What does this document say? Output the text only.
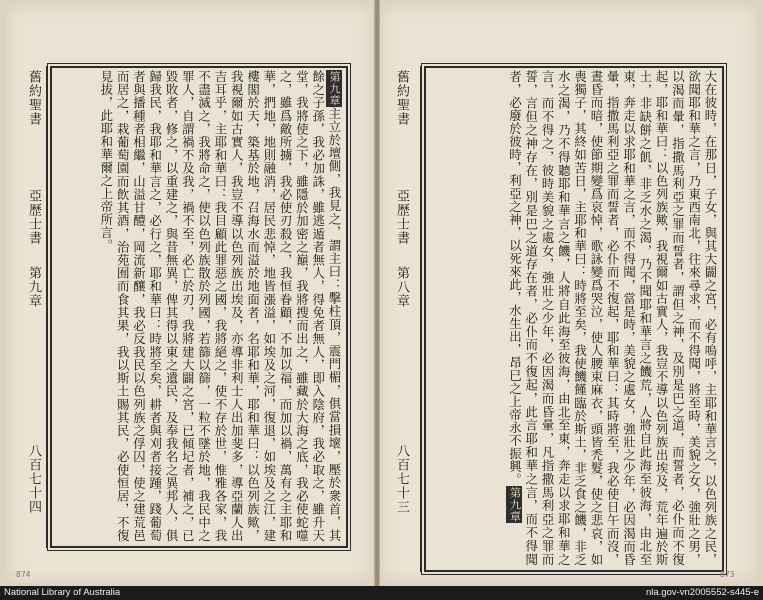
舊約聖書
亞歷士書
第九章
八百七十四
第九章主立於壇側，我見之，謂主曰：擊柱頂，震門楣，俱當損壞，壓於衆首，其餘之子孫，我必加誅，雖逃遁者無人，得免者無人，即入陰府，我必取之，雖升天堂，我將使之下，雖隱於加密之巔，我將搜而出之，雖藏於大海之底，我必使蛇噬之，雖爲敵所擄，我必使刃殺之，我恒眷顧，不加以福，而加以禍，萬有之主耶和華，捫地，地則融消，居民悲悼，地皆漲溢，如埃及之河，復退，如埃及之江，建樓閣於天，築基於地，召海水而溢於地面者，名耶和華，耶和華曰：以色列族歟，我視爾如古實人，我豈不導以色列族出埃及，亦導非利士人出加斐多，導亞蘭人出吉耳乎，主耶和華曰：我目顧此罪惡之國，我將絕之，使不存於世，惟雅各家，我不盡滅之，我將命之，使以色列族散於列國，若篩以篩，一粒不墜於地，我民中之罪人，自謂禍不及我，禍不至，必亡於刃，我將建大闢之宮，已傾圮者，補之，已毀敗者，修之，以重建之，與昔無異，俾其得以東之遺民，及奉我名之異邦人，俱歸我民，我耶和華言之，必行之，耶和華曰：時將至矣，耕者與刈者接踵，踐葡萄者與播種者相繼，山溢甘醴，岡流新釀，我必反我民以色列族之俘囚，使之建荒邑而居之，栽葡萄園而飲其酒，治苑囿而食其果，我以斯土賜其民，必使恒居，不復見拔，此耶和華爾之上帝所言。
874
舊約聖書
亞歷士書
第八章
八百七十三	大在彼時，在那日，子女，與其大闢之宮，必有嗚呼，主耶和華言之，以色列族之民，欲聞耶和華之言，乃東西南北，往來尋求，而不得聞，將至時，美貌之女，強壯之男，以渴而暈，指撒馬利亞之罪而誓者，謂但之神，及別是巴之道，而誓者，必仆而不復起，耶和華曰：以色列族歟，我視爾如古實人，我豈不導以色列族出埃及，荒年遍於斯土，非缺餅之飢，非乏水之渴，乃不聞耶和華言之饑荒，人將自此海至彼海，由北至東，奔走以求耶和華之言，而不得聞，當是時，美貌之處女，強壯之少年，必因渴而昏暈，指撒馬利亞之罪而誓者，必仆而不復起，耶和華曰：其時將至，我必使日午而沒，晝昏而暗，使節期變爲哀悼，歌詠變爲哭泣，使人腰束麻衣，頭皆禿髮，使之悲哀，如喪獨子，其終如苦日，主耶和華曰：時將至矣，我使饑饉臨於斯土，非乏食之饑，非乏水之渴，乃不得聽耶和華言之饑，人將自此海至彼海，由北至東，奔走以求耶和華之言，而不得之，彼時美貌之處女，強壯之少年，必因渴而昏暈，凡指撒馬利亞之罪而誓，言但之神存在，別是巴之道存在者，必仆而不復起，此言耶和華之言，而不得聞者，必廢於彼時，利亞之神，以死來此，水生出，昂巳之上帝永不振興。第九章
873
National Library of Australia	nla.gov-vn2005552-s445-e
